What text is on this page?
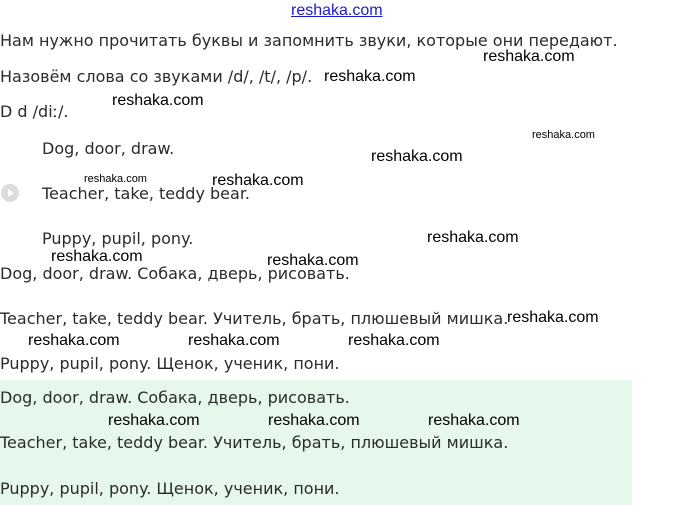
reshaka.com
Нам нужно прочитать буквы и запомнить звуки, которые они передают.
Назовём слова со звуками /d/, /t/, /p/.
D d /diː/.
Dog, door, draw.
Teacher, take, teddy bear.
Puppy, pupil, pony.
Dog, door, draw. Собака, дверь, рисовать.
Teacher, take, teddy bear. Учитель, брать, плюшевый мишка.
Puppy, pupil, pony. Щенок, ученик, пони.
Dog, door, draw. Собака, дверь, рисовать.
Teacher, take, teddy bear. Учитель, брать, плюшевый мишка.
Puppy, pupil, pony. Щенок, ученик, пони.
reshaka.com
reshaka.com
reshaka.com
reshaka.com
reshaka.com
reshaka.com	reshaka.com
reshaka.com
reshaka.com	reshaka.com
reshaka.com
reshaka.com	reshaka.com	reshaka.com
reshaka.com	reshaka.com	reshaka.com
